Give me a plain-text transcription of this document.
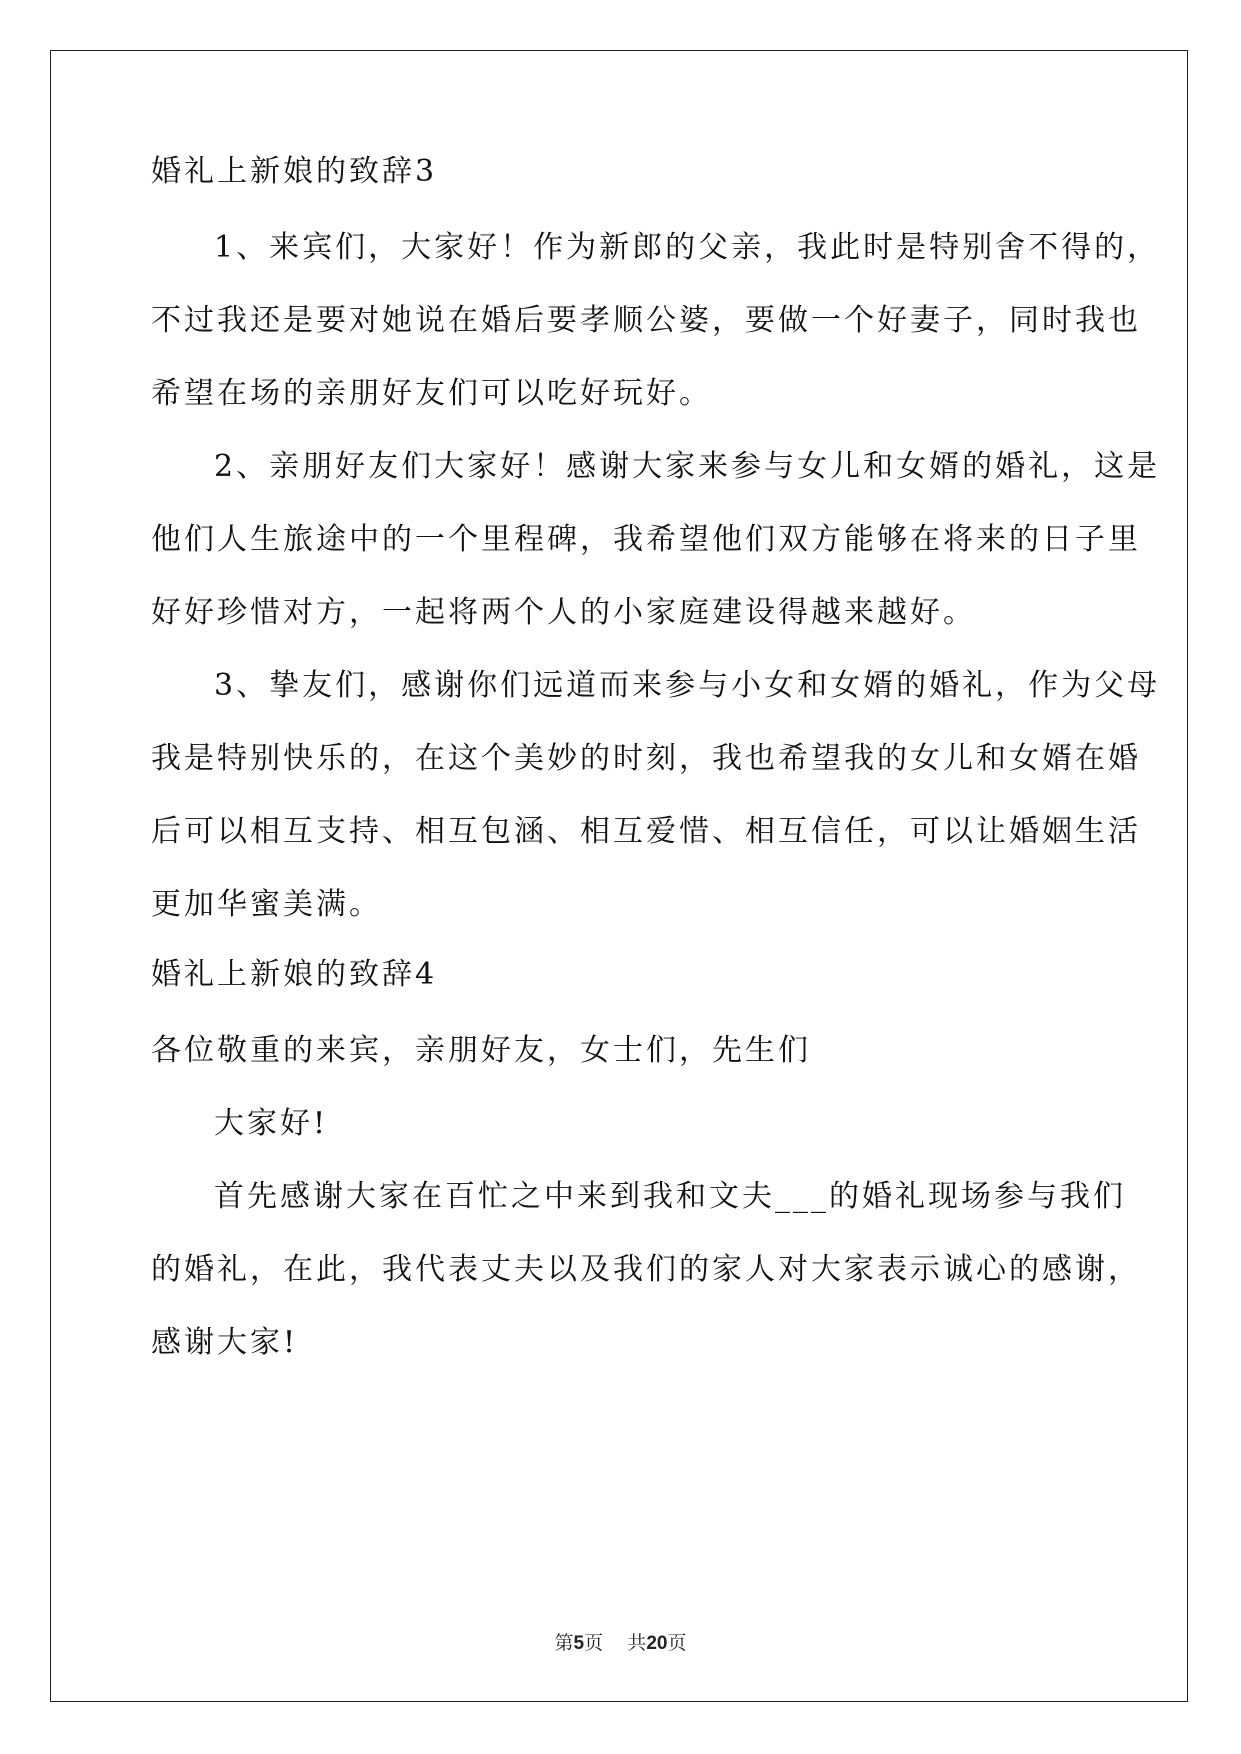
婚礼上新娘的致辞3
1、来宾们，大家好！作为新郎的父亲，我此时是特别舍不得的，
不过我还是要对她说在婚后要孝顺公婆，要做一个好妻子，同时我也
希望在场的亲朋好友们可以吃好玩好。
2、亲朋好友们大家好！感谢大家来参与女儿和女婿的婚礼，这是
他们人生旅途中的一个里程碑，我希望他们双方能够在将来的日子里
好好珍惜对方，一起将两个人的小家庭建设得越来越好。
3、挚友们，感谢你们远道而来参与小女和女婿的婚礼，作为父母
我是特别快乐的，在这个美妙的时刻，我也希望我的女儿和女婿在婚
后可以相互支持、相互包涵、相互爱惜、相互信任，可以让婚姻生活
更加华蜜美满。
婚礼上新娘的致辞4
各位敬重的来宾，亲朋好友，女士们，先生们
大家好!
首先感谢大家在百忙之中来到我和文夫___的婚礼现场参与我们
的婚礼，在此，我代表丈夫以及我们的家人对大家表示诚心的感谢，
感谢大家!
第5页 共20页
